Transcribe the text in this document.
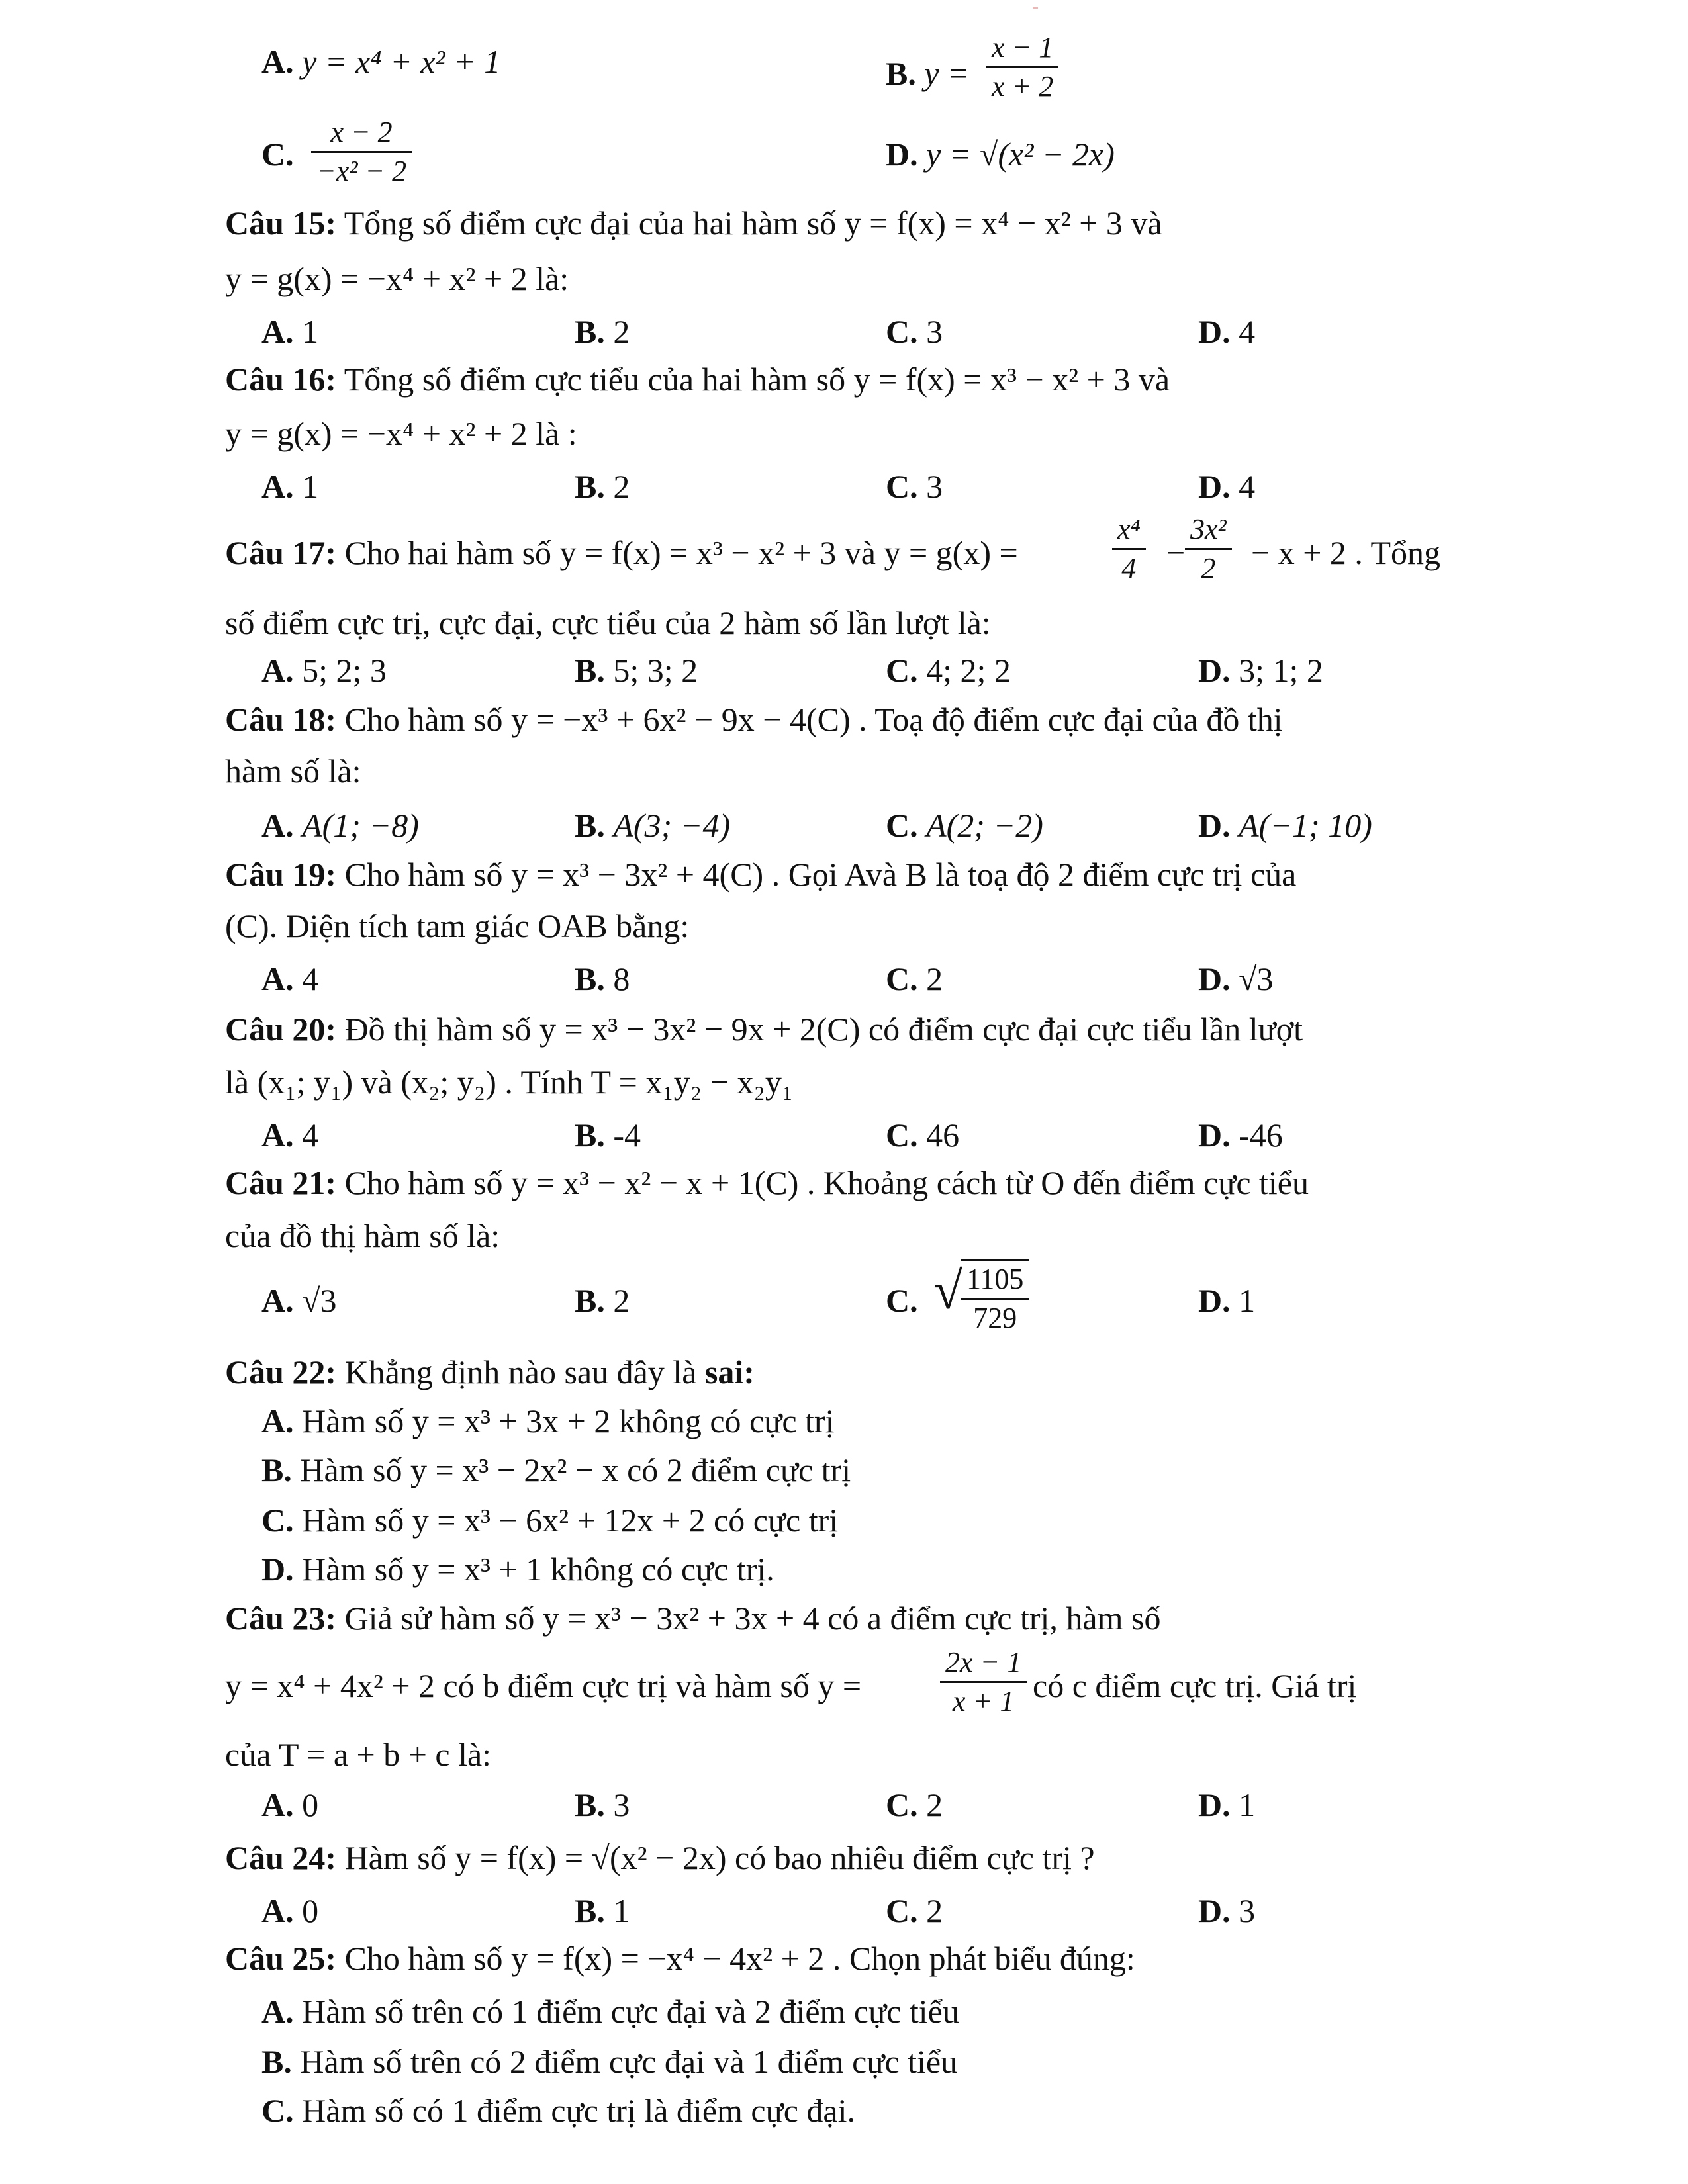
A. y = x⁴ + x² + 1	B. $y = \frac{x - 1}{x + 2}$
C. $\frac{x - 2}{\text{−x² − 2}}$	D. y = √(x² − 2x)
Câu 15: Tổng số điểm cực đại của hai hàm số y = f(x) = x⁴ − x² + 3 và
y = g(x) = −x⁴ + x² + 2 là:
A. 1	B. 2	C. 3	D. 4
Câu 16: Tổng số điểm cực tiểu của hai hàm số y = f(x) = x³ − x² + 3 và
y = g(x) = −x⁴ + x² + 2 là :
A. 1	B. 2	C. 3	D. 4
Câu 17: Cho hai hàm số y = f(x) = x³ − x² + 3 và y = g(x) =	$\frac{\text{x⁴}}{4} - \frac{\text{3x²}}{2} - x + 2$ . Tổng
số điểm cực trị, cực đại, cực tiểu của 2 hàm số lần lượt là:
A. 5; 2; 3	B. 5; 3; 2	C. 4; 2; 2	D. 3; 1; 2
Câu 18: Cho hàm số y = −x³ + 6x² − 9x − 4(C) . Toạ độ điểm cực đại của đồ thị
hàm số là:
A. A(1; −8)	B. A(3; −4)	C. A(2; −2)	D. A(−1; 10)
Câu 19: Cho hàm số y = x³ − 3x² + 4(C) . Gọi Avà B là toạ độ 2 điểm cực trị của
(C). Diện tích tam giác OAB bằng:
A. 4	B. 8	C. 2	D. √3
Câu 20: Đồ thị hàm số y = x³ − 3x² − 9x + 2(C) có điểm cực đại cực tiểu lần lượt
là (x₁; y₁) và (x₂; y₂) . Tính T = x₁y₂ − x₂y₁
A. 4	B. -4	C. 46	D. -46
Câu 21: Cho hàm số y = x³ − x² − x + 1(C) . Khoảng cách từ O đến điểm cực tiểu
của đồ thị hàm số là:
A. √3	B. 2	C. √
$\frac{1105}{729}$	D. 1
Câu 22: Khẳng định nào sau đây là sai:
A. Hàm số y = x³ + 3x + 2 không có cực trị
B. Hàm số y = x³ − 2x² − x có 2 điểm cực trị
C. Hàm số y = x³ − 6x² + 12x + 2 có cực trị
D. Hàm số y = x³ + 1 không có cực trị.
Câu 23: Giả sử hàm số y = x³ − 3x² + 3x + 4 có a điểm cực trị, hàm số
y = x⁴ + 4x² + 2 có b điểm cực trị và hàm số y =	$\frac{2x - 1}{x + 1}$ có c điểm cực trị. Giá trị
của T = a + b + c là:
A. 0	B. 3	C. 2	D. 1
Câu 24: Hàm số y = f(x) = √(x² − 2x) có bao nhiêu điểm cực trị ?
A. 0	B. 1	C. 2	D. 3
Câu 25: Cho hàm số y = f(x) = −x⁴ − 4x² + 2 . Chọn phát biểu đúng:
A. Hàm số trên có 1 điểm cực đại và 2 điểm cực tiểu
B. Hàm số trên có 2 điểm cực đại và 1 điểm cực tiểu
C. Hàm số có 1 điểm cực trị là điểm cực đại.
